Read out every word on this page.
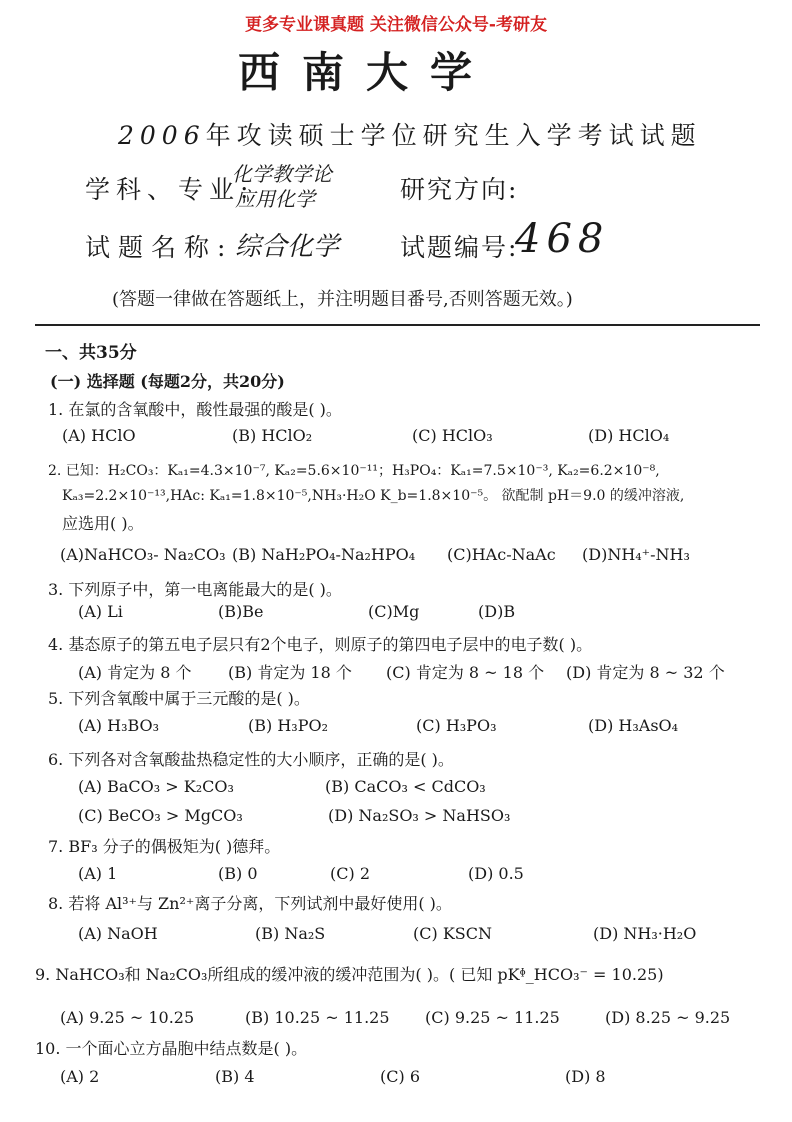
更多专业课真题 关注微信公众号-考研友
西南大学
2006年攻读硕士学位研究生入学考试试题
学科、专业:
化学教学论
应用化学	研究方向:
试题名称: 综合化学 试题编号:
468
(答题一律做在答题纸上，并注明题目番号,否则答题无效。)
一、共35分
(一) 选择题 (每题2分，共20分)
1. 在氯的含氧酸中，酸性最强的酸是( )。
(A) HClO	(B) HClO₂	(C) HClO₃	(D) HClO₄
2. 已知：H₂CO₃：Kₐ₁=4.3×10⁻⁷, Kₐ₂=5.6×10⁻¹¹；H₃PO₄：Kₐ₁=7.5×10⁻³, Kₐ₂=6.2×10⁻⁸,
Kₐ₃=2.2×10⁻¹³,HAc: Kₐ₁=1.8×10⁻⁵,NH₃·H₂O K_b=1.8×10⁻⁵。 欲配制 pH＝9.0 的缓冲溶液,
应选用( )。
(A)NaHCO₃- Na₂CO₃ (B) NaH₂PO₄-Na₂HPO₄ (C)HAc-NaAc (D)NH₄⁺-NH₃
3. 下列原子中，第一电离能最大的是( )。
(A) Li	(B)Be	(C)Mg	(D)B
4. 基态原子的第五电子层只有2个电子，则原子的第四电子层中的电子数( )。
(A) 肯定为 8 个 (B) 肯定为 18 个 (C) 肯定为 8 ~ 18 个 (D) 肯定为 8 ~ 32 个
5. 下列含氧酸中属于三元酸的是( )。
(A) H₃BO₃	(B) H₃PO₂	(C) H₃PO₃	(D) H₃AsO₄
6. 下列各对含氧酸盐热稳定性的大小顺序，正确的是( )。
(A) BaCO₃ > K₂CO₃	(B) CaCO₃ < CdCO₃
(C) BeCO₃ > MgCO₃	(D) Na₂SO₃ > NaHSO₃
7. BF₃ 分子的偶极矩为( )德拜。
(A) 1	(B) 0	(C) 2	(D) 0.5
8. 若将 Al³⁺与 Zn²⁺离子分离，下列试剂中最好使用( )。
(A) NaOH	(B) Na₂S	(C) KSCN	(D) NH₃·H₂O
9. NaHCO₃和 Na₂CO₃所组成的缓冲液的缓冲范围为( )。( 已知 pKᶲ_HCO₃⁻ = 10.25)
(A) 9.25 ~ 10.25	(B) 10.25 ~ 11.25 (C) 9.25 ~ 11.25	(D) 8.25 ~ 9.25
10. 一个面心立方晶胞中结点数是( )。
(A) 2	(B) 4	(C) 6	(D) 8
